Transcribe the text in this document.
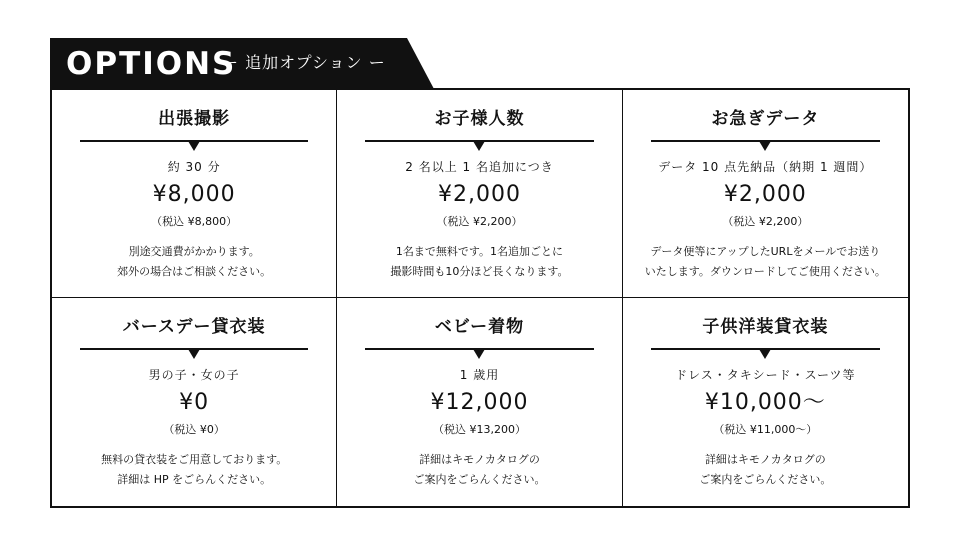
OPTIONS
ー 追加オプション ー
出張撮影
約 30 分
¥8,000
（税込 ¥8,800）
別途交通費がかかります。
郊外の場合はご相談ください。
お子様人数
2 名以上 1 名追加につき
¥2,000
（税込 ¥2,200）
1名まで無料です。1名追加ごとに
撮影時間も10分ほど長くなります。
お急ぎデータ
データ 10 点先納品（納期 1 週間）
¥2,000
（税込 ¥2,200）
データ便等にアップしたURLをメールでお送り
いたします。ダウンロードしてご使用ください。
バースデー貸衣装
男の子・女の子
¥0
（税込 ¥0）
無料の貸衣装をご用意しております。
詳細は HP をごらんください。
ベビー着物
1 歳用
¥12,000
（税込 ¥13,200）
詳細はキモノカタログの
ご案内をごらんください。
子供洋装貸衣装
ドレス・タキシード・スーツ等
¥10,000〜
（税込 ¥11,000〜）
詳細はキモノカタログの
ご案内をごらんください。
